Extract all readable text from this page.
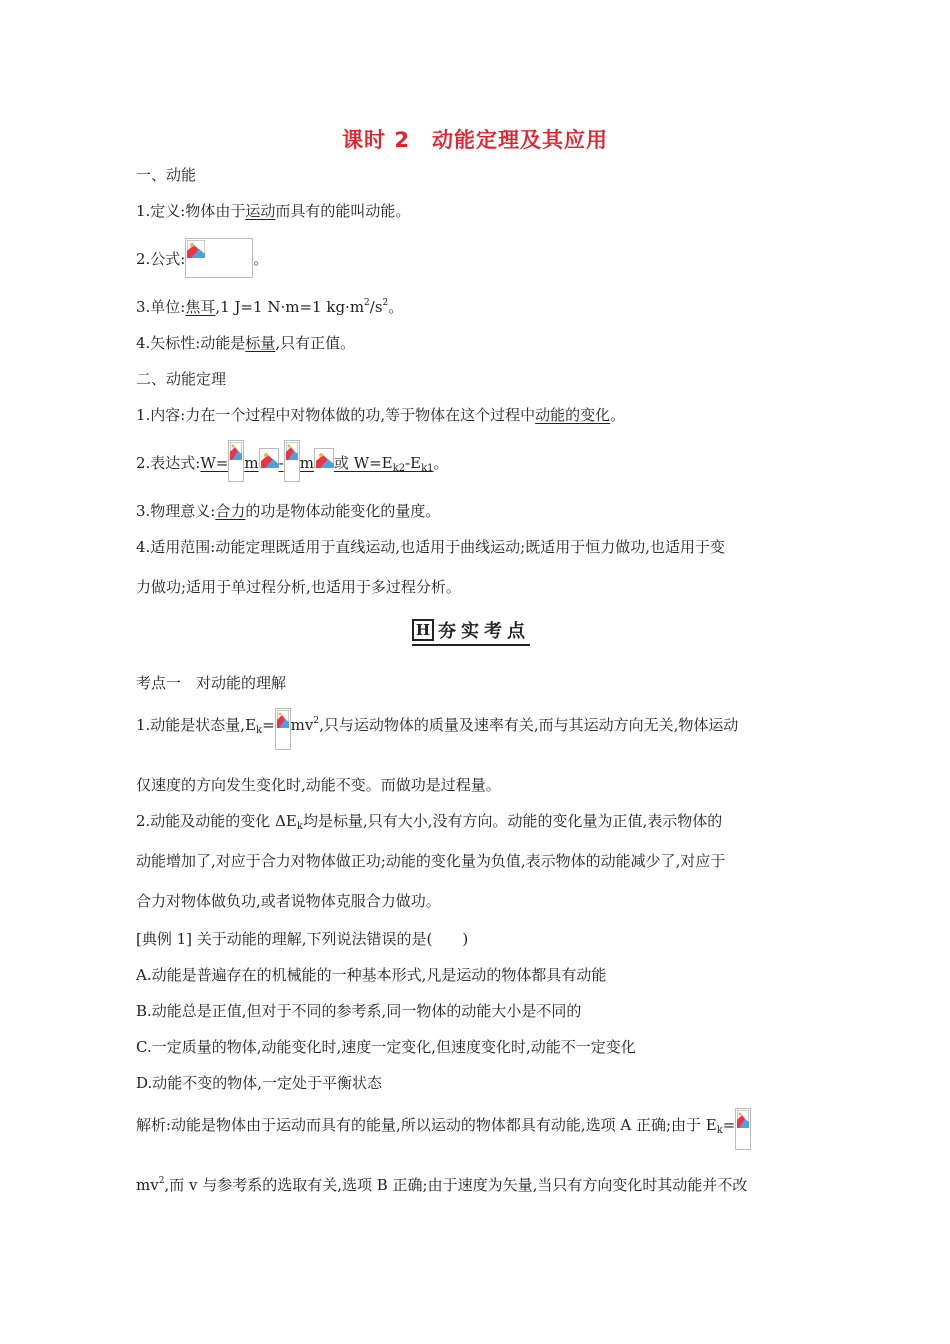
课时 2　动能定理及其应用
一、动能
1.定义:物体由于运动而具有的能叫动能。
2.公式:	。
3.单位:焦耳,1 J=1 N·m=1 $kg\cdot m^2/s^2$。
4.矢标性:动能是标量,只有正值。
二、动能定理
1.内容:力在一个过程中对物体做的功,等于物体在这个过程中动能的变化。
2.表达式:W= m - m 或 $W=E_{k2}-E_{k1}$。
3.物理意义:合力的功是物体动能变化的量度。
4.适用范围:动能定理既适用于直线运动,也适用于曲线运动;既适用于恒力做功,也适用于变
力做功;适用于单过程分析,也适用于多过程分析。
H 夯实考点
考点一　对动能的理解
1.动能是状态量$,E_k= mv^2$,只与运动物体的质量及速率有关,而与其运动方向无关,物体运动
仅速度的方向发生变化时,动能不变。而做功是过程量。
2.动能及动能的变化 $\Delta E_k$均是标量,只有大小,没有方向。动能的变化量为正值,表示物体的
动能增加了,对应于合力对物体做正功;动能的变化量为负值,表示物体的动能减少了,对应于
合力对物体做负功,或者说物体克服合力做功。
[典例 1] 关于动能的理解,下列说法错误的是(　　)
A.动能是普遍存在的机械能的一种基本形式,凡是运动的物体都具有动能
B.动能总是正值,但对于不同的参考系,同一物体的动能大小是不同的
C.一定质量的物体,动能变化时,速度一定变化,但速度变化时,动能不一定变化
D.动能不变的物体,一定处于平衡状态
解析:动能是物体由于运动而具有的能量,所以运动的物体都具有动能,选项 A 正确;由于 $E_k=$
$mv^2$,而 v 与参考系的选取有关,选项 B 正确;由于速度为矢量,当只有方向变化时其动能并不改
